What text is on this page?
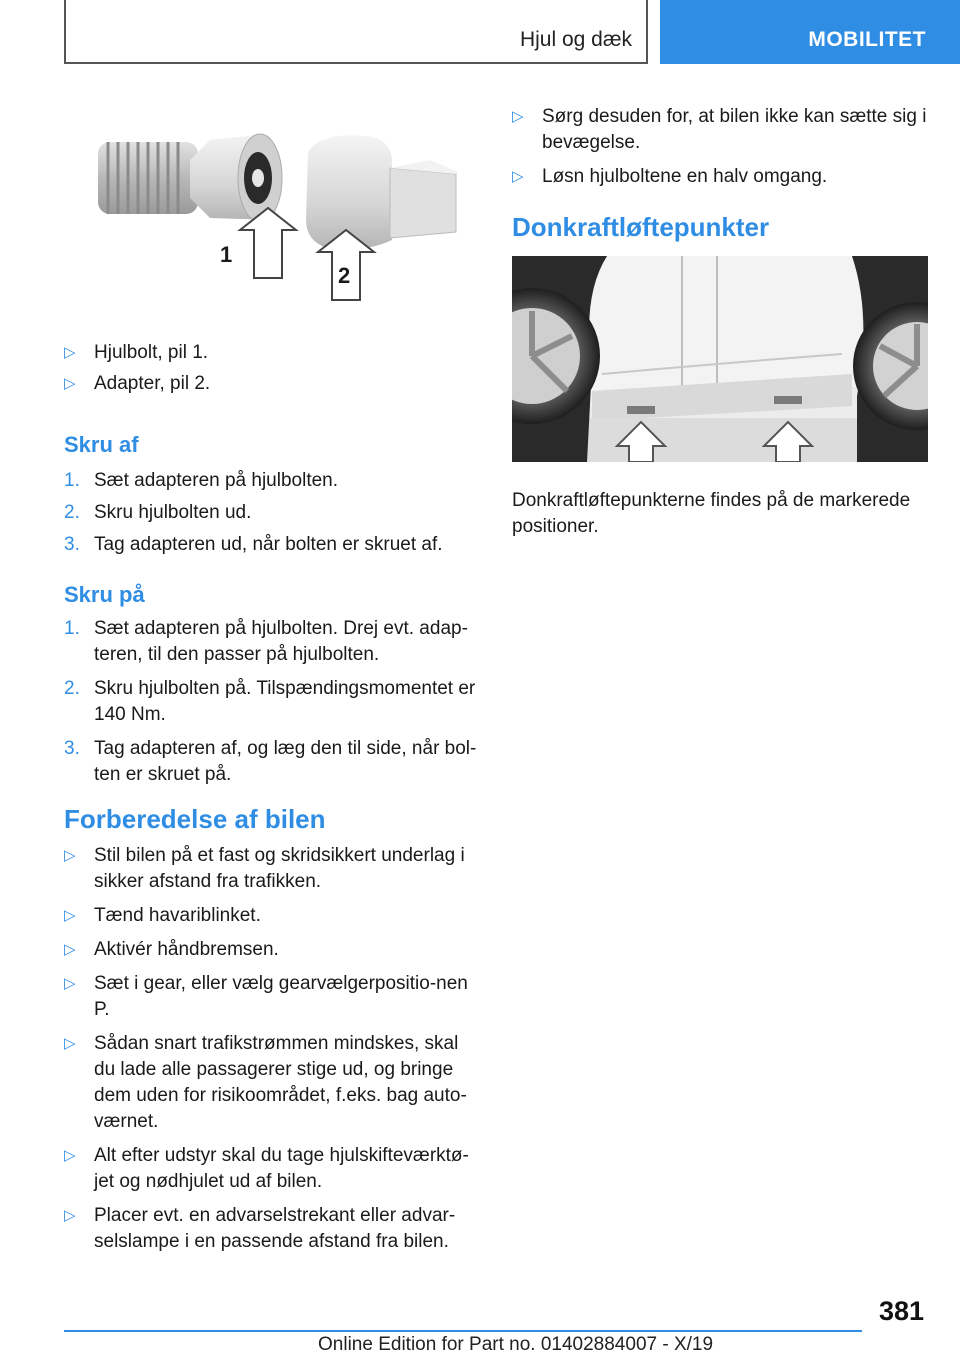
Hjul og dæk	MOBILITET
1
2
▷ Hjulbolt, pil 1.
▷ Adapter, pil 2.
Skru af
1. Sæt adapteren på hjulbolten.
2. Skru hjulbolten ud.
3. Tag adapteren ud, når bolten er skruet af.
Skru på
1. Sæt adapteren på hjulbolten. Drej evt. adap-teren, til den passer på hjulbolten.
2. Skru hjulbolten på. Tilspændingsmomentet er 140 Nm.
3. Tag adapteren af, og læg den til side, når bol-ten er skruet på.
Forberedelse af bilen
▷ Stil bilen på et fast og skridsikkert underlag i sikker afstand fra trafikken.
▷ Tænd havariblinket.
▷ Aktivér håndbremsen.
▷ Sæt i gear, eller vælg gearvælgerpositio-nen P.
▷ Sådan snart trafikstrømmen mindskes, skal du lade alle passagerer stige ud, og bringe dem uden for risikoområdet, f.eks. bag auto-værnet.
▷ Alt efter udstyr skal du tage hjulskifteværktø-jet og nødhjulet ud af bilen.
▷ Placer evt. en advarselstrekant eller advar-selslampe i en passende afstand fra bilen.
▷ Sørg desuden for, at bilen ikke kan sætte sig i bevægelse.
▷ Løsn hjulboltene en halv omgang.
Donkraftløftepunkter

Donkraftløftepunkterne findes på de markerede positioner.

381
Online Edition for Part no. 01402884007 - X/19
